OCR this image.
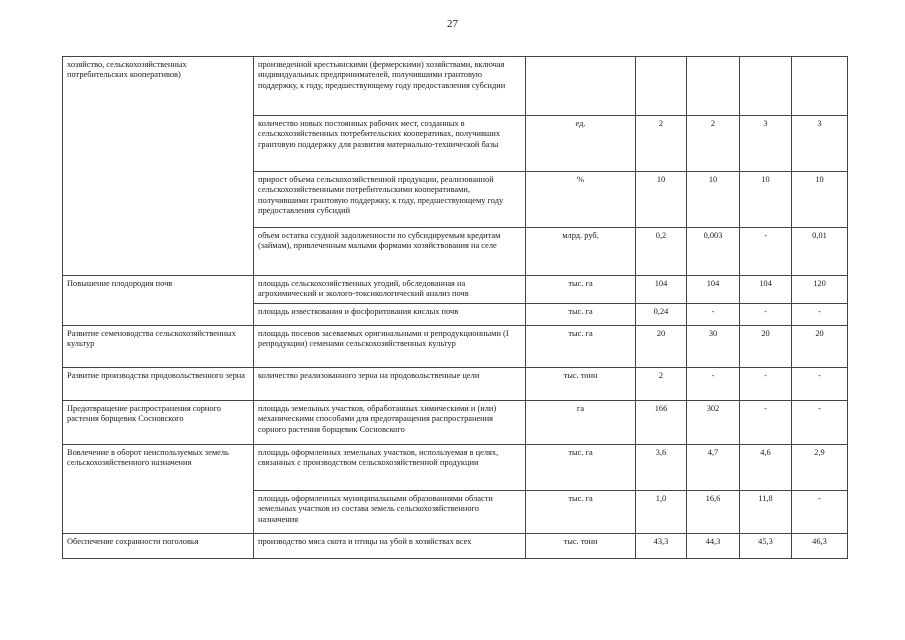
27
хозяйство, сельскохозяйственных потребительских кооперативов)	произведенной крестьянскими (фермерскими) хозяйствами, включая индивидуальных предпринимателей, получившими грантовую поддержку, к году, предшествующему году предоставления субсидии					
	количество новых постоянных рабочих мест, созданных в сельскохозяйственных потребительских кооперативах, получивших грантовую поддержку для развития материально-технической базы	ед.	2	2	3	3
	прирост объема сельскохозяйственной продукции, реализованной сельскохозяйственными потребительскими кооперативами, получившими грантовую поддержку, к году, предшествующему году предоставления субсидий	%	10	10	10	10
	объем остатка ссудной задолженности по субсидируемым кредитам (займам), привлеченным малыми формами хозяйствования на селе	млрд. руб.	0,2	0,003	-	0,01
Повышение плодородия почв	площадь сельскохозяйственных угодий, обследованная на агрохимический и эколого-токсикологический анализ почв	тыс. га	104	104	104	120
	площадь известкования и фосфоритования кислых почв	тыс. га	0,24	-	-	-
Развитие семеноводства сельскохозяйственных культур	площадь посевов засеваемых оригинальными и репродукционными (I репродукции) семенами сельскохозяйственных культур	тыс. га	20	30	20	20
Развитие производства продовольственного зерна	количество реализованного зерна на продовольственные цели	тыс. тонн	2	-	-	-
Предотвращение распространения сорного растения борщевик Сосновского	площадь земельных участков, обработанных химическими и (или) механическими способами для предотвращения распространения сорного растения борщевик Сосновского	га	166	302	-	-
Вовлечение в оборот неиспользуемых земель сельскохозяйственного назначения	площадь оформленных земельных участков, используемая в целях, связанных с производством сельскохозяйственной продукции	тыс. га	3,6	4,7	4,6	2,9
	площадь оформленных муниципальными образованиями области земельных участков из состава земель сельскохозяйственного назначения	тыс. га	1,0	16,6	11,8	-
Обеспечение сохранности поголовья	производство мяса скота и птицы на убой в хозяйствах всех	тыс. тонн	43,3	44,3	45,3	46,3
